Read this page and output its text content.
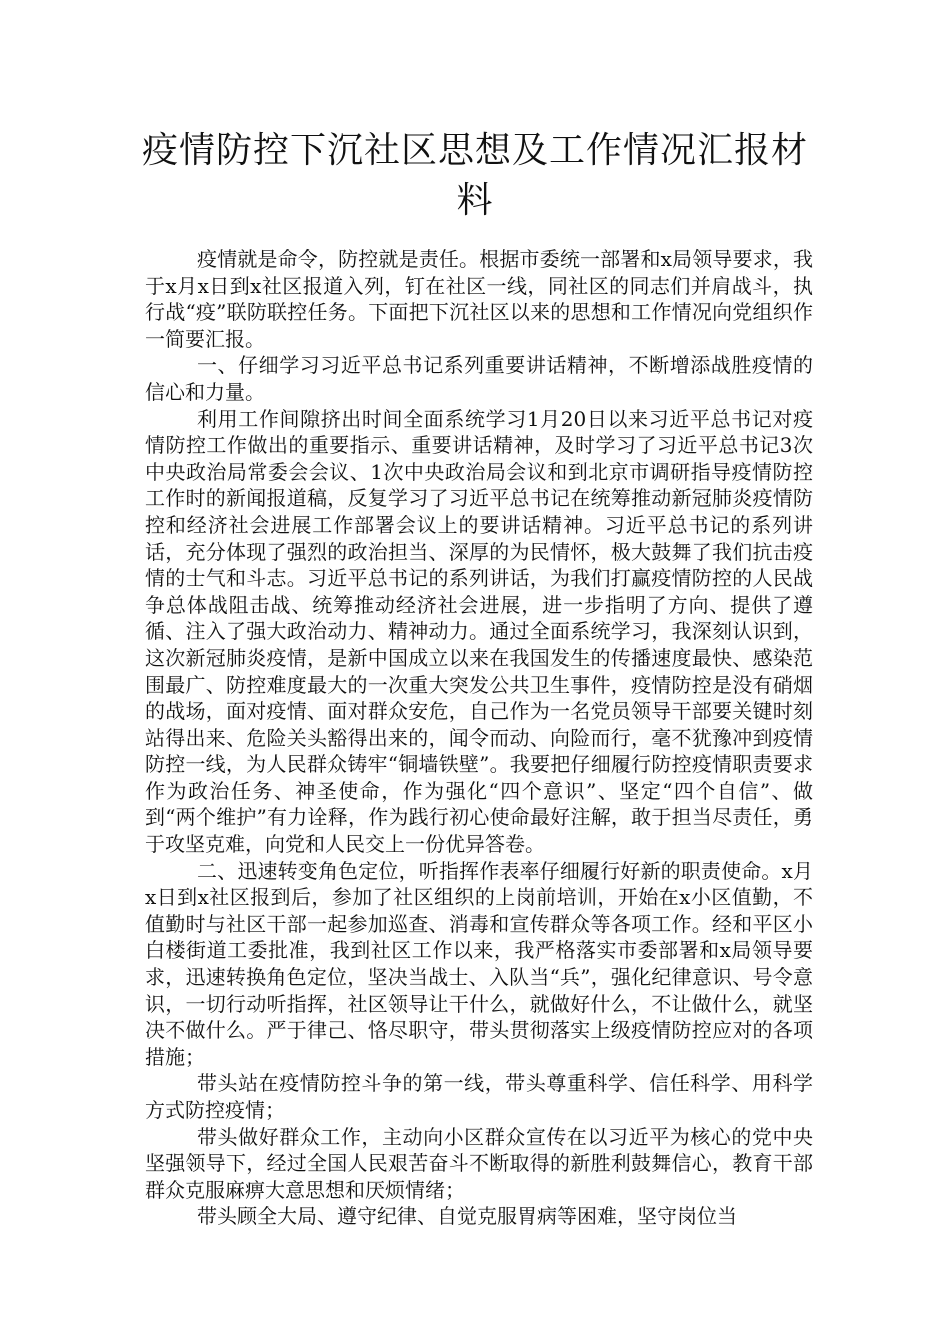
疫情防控下沉社区思想及工作情况汇报材料

疫情就是命令，防控就是责任。根据市委统一部署和x局领导要求，我于x月x日到x社区报道入列，钉在社区一线，同社区的同志们并肩战斗，执行战“疫”联防联控任务。下面把下沉社区以来的思想和工作情况向党组织作一简要汇报。

一、仔细学习习近平总书记系列重要讲话精神，不断增添战胜疫情的信心和力量。

利用工作间隙挤出时间全面系统学习1月20日以来习近平总书记对疫情防控工作做出的重要指示、重要讲话精神，及时学习了习近平总书记3次中央政治局常委会会议、1次中央政治局会议和到北京市调研指导疫情防控工作时的新闻报道稿，反复学习了习近平总书记在统筹推动新冠肺炎疫情防控和经济社会进展工作部署会议上的要讲话精神。习近平总书记的系列讲话，充分体现了强烈的政治担当、深厚的为民情怀，极大鼓舞了我们抗击疫情的士气和斗志。习近平总书记的系列讲话，为我们打赢疫情防控的人民战争总体战阻击战、统筹推动经济社会进展，进一步指明了方向、提供了遵循、注入了强大政治动力、精神动力。通过全面系统学习，我深刻认识到，这次新冠肺炎疫情，是新中国成立以来在我国发生的传播速度最快、感染范围最广、防控难度最大的一次重大突发公共卫生事件，疫情防控是没有硝烟的战场，面对疫情、面对群众安危，自己作为一名党员领导干部要关键时刻站得出来、危险关头豁得出来的，闻令而动、向险而行，毫不犹豫冲到疫情防控一线，为人民群众铸牢“铜墙铁壁”。我要把仔细履行防控疫情职责要求作为政治任务、神圣使命，作为强化“四个意识”、坚定“四个自信”、做到“两个维护”有力诠释，作为践行初心使命最好注解，敢于担当尽责任，勇于攻坚克难，向党和人民交上一份优异答卷。

二、迅速转变角色定位，听指挥作表率仔细履行好新的职责使命。x月x日到x社区报到后，参加了社区组织的上岗前培训，开始在x小区值勤，不值勤时与社区干部一起参加巡查、消毒和宣传群众等各项工作。经和平区小白楼街道工委批准，我到社区工作以来，我严格落实市委部署和x局领导要求，迅速转换角色定位，坚决当战士、入队当“兵”，强化纪律意识、号令意识，一切行动听指挥，社区领导让干什么，就做好什么，不让做什么，就坚决不做什么。严于律己、恪尽职守，带头贯彻落实上级疫情防控应对的各项措施；

带头站在疫情防控斗争的第一线，带头尊重科学、信任科学、用科学方式防控疫情；

带头做好群众工作，主动向小区群众宣传在以习近平为核心的党中央坚强领导下，经过全国人民艰苦奋斗不断取得的新胜利鼓舞信心，教育干部群众克服麻痹大意思想和厌烦情绪；

带头顾全大局、遵守纪律、自觉克服胃病等困难，坚守岗位当
